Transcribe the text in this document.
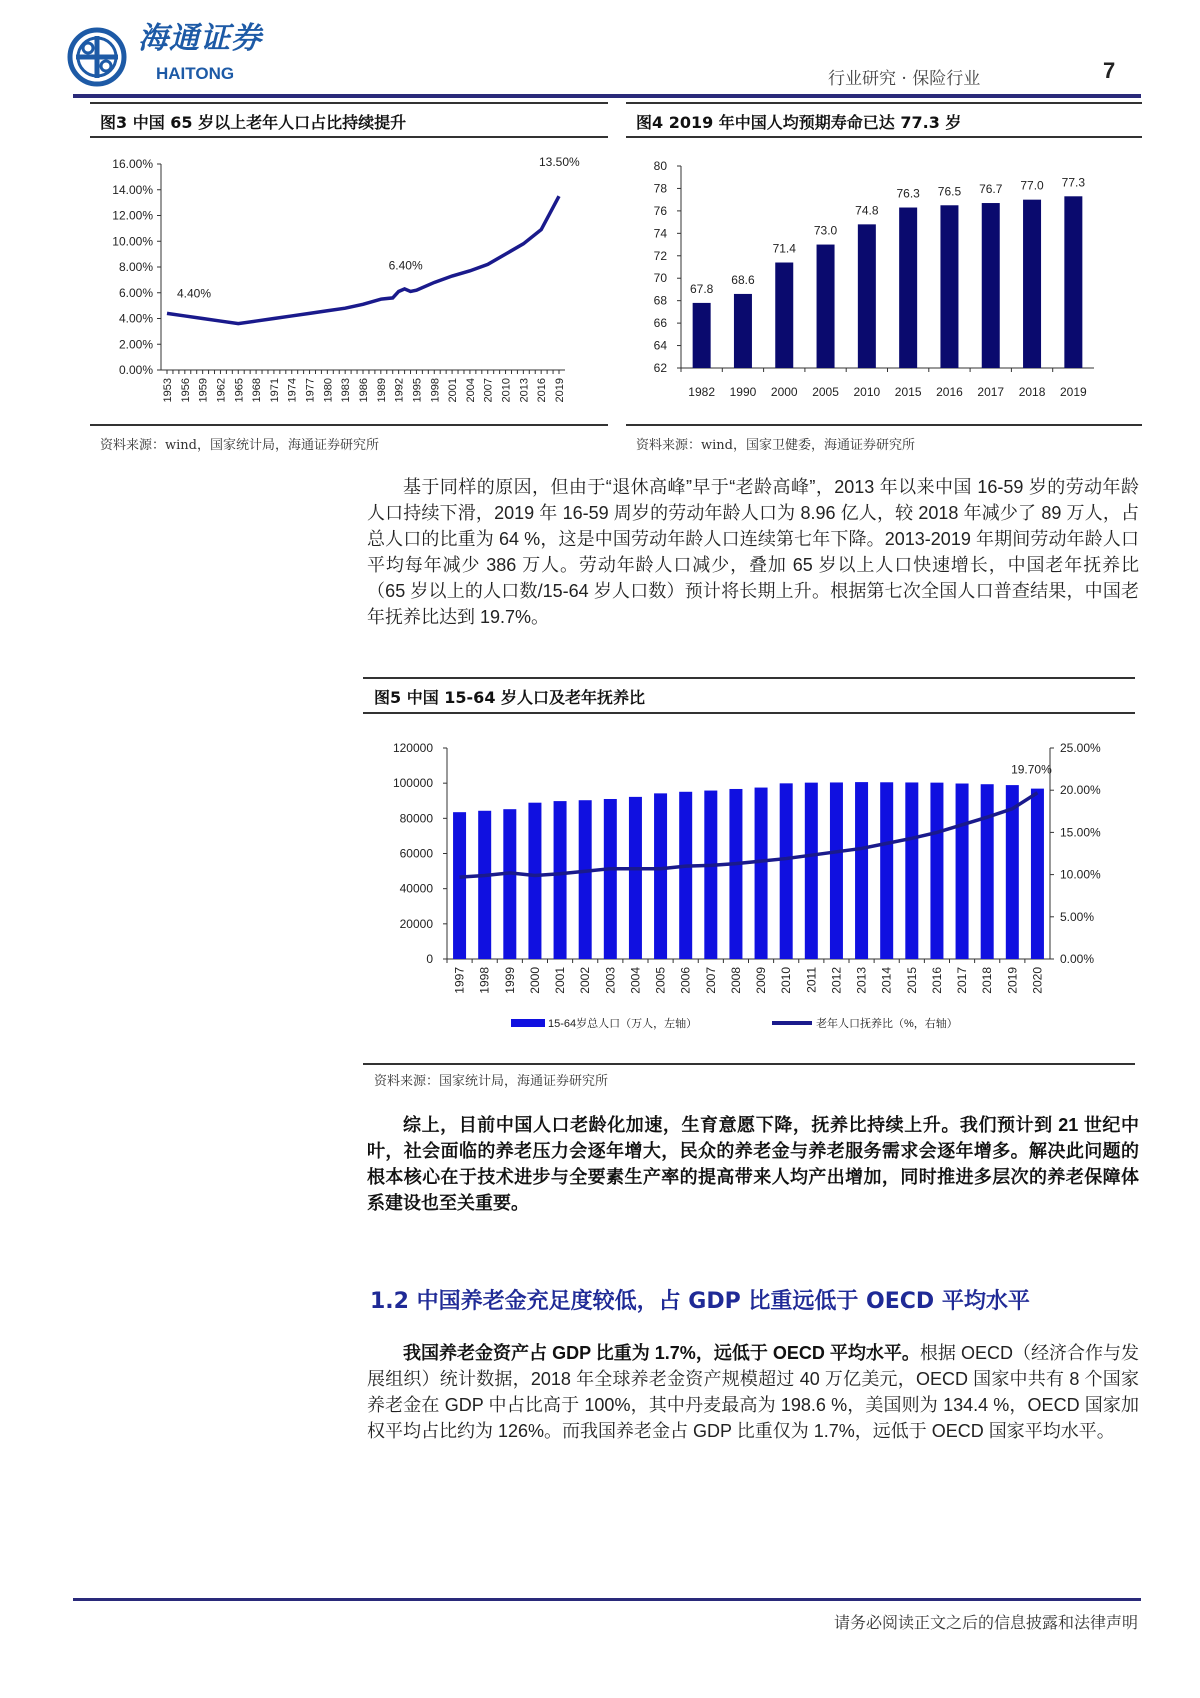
海通证券
HAITONG	行业研究 · 保险行业	7
图3 中国 65 岁以上老年人口占比持续提升
资料来源：wind，国家统计局，海通证券研究所
图4 2019 年中国人均预期寿命已达 77.3 岁
资料来源：wind，国家卫健委，海通证券研究所
基于同样的原因，但由于“退休高峰”早于“老龄高峰”，2013 年以来中国 16-59 岁的劳动年龄人口持续下滑，2019 年 16-59 周岁的劳动年龄人口为 8.96 亿人，较 2018 年减少了 89 万人，占总人口的比重为 64 %，这是中国劳动年龄人口连续第七年下降。2013-2019 年期间劳动年龄人口平均每年减少 386 万人。劳动年龄人口减少，叠加 65 岁以上人口快速增长，中国老年抚养比（65 岁以上的人口数/15-64 岁人口数）预计将长期上升。根据第七次全国人口普查结果，中国老年抚养比达到 19.7%。
图5 中国 15-64 岁人口及老年抚养比
资料来源：国家统计局，海通证券研究所
综上，目前中国人口老龄化加速，生育意愿下降，抚养比持续上升。我们预计到 21 世纪中叶，社会面临的养老压力会逐年增大，民众的养老金与养老服务需求会逐年增多。解决此问题的根本核心在于技术进步与全要素生产率的提高带来人均产出增加，同时推进多层次的养老保障体系建设也至关重要。
1.2 中国养老金充足度较低，占 GDP 比重远低于 OECD 平均水平
我国养老金资产占 GDP 比重为 1.7%，远低于 OECD 平均水平。根据 OECD（经济合作与发展组织）统计数据，2018 年全球养老金资产规模超过 40 万亿美元，OECD 国家中共有 8 个国家养老金在 GDP 中占比高于 100%，其中丹麦最高为 198.6 %，美国则为 134.4 %，OECD 国家加权平均占比约为 126%。而我国养老金占 GDP 比重仅为 1.7%，远低于 OECD 国家平均水平。
请务必阅读正文之后的信息披露和法律声明
0.00%
2.00%
4.00%
6.00%
8.00%
10.00%
12.00%
14.00%
16.00%
1953 1956 1959 1962 1965 1968 1971 1974 1977 1980 1983 1986 1989 1992 1995 1998 2001 2004 2007 2010 2013 2016 2019
4.40%
6.40%
13.50%
62
64
66
68
70
72
74
76
78
80
67.8
1982
68.6
1990
71.4
2000
73.0
2005
74.8
2010
76.3
2015
76.5
2016
76.7
2017
77.0
2018
77.3
2019
0
20000
40000
60000
80000
100000
120000
0.00%
5.00%
10.00%
15.00%
20.00%
25.00%
1997 1998 1999 2000 2001 2002 2003 2004 2005 2006 2007 2008 2009 2010 2011 2012 2013 2014 2015 2016 2017 2018 2019 2020
19.70%
15-64岁总人口（万人，左轴）	老年人口抚养比（%，右轴）
